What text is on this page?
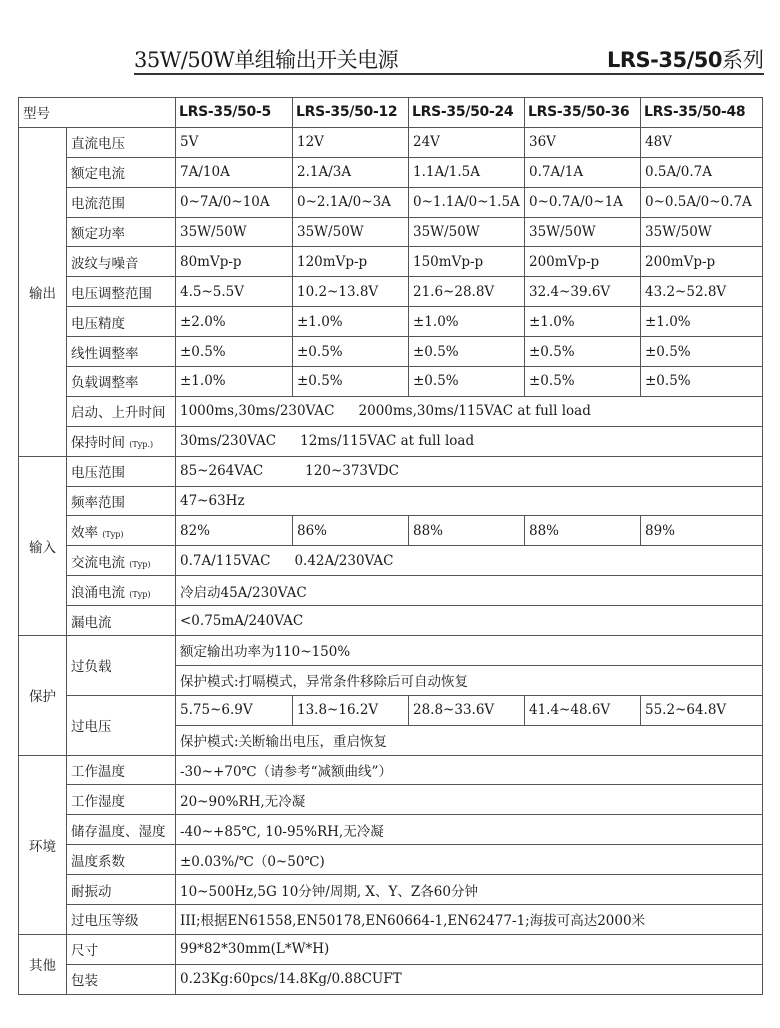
35W/50W单组输出开关电源	LRS-35/50系列
型号		LRS-35/50-5	LRS-35/50-12	LRS-35/50-24	LRS-35/50-36	LRS-35/50-48
输出	直流电压	5V	12V	24V	36V	48V
	额定电流	7A/10A	2.1A/3A	1.1A/1.5A	0.7A/1A	0.5A/0.7A
	电流范围	0~7A/0~10A	0~2.1A/0~3A	0~1.1A/0~1.5A	0~0.7A/0~1A	0~0.5A/0~0.7A
	额定功率	35W/50W	35W/50W	35W/50W	35W/50W	35W/50W
	波纹与噪音	80mVp-p	120mVp-p	150mVp-p	200mVp-p	200mVp-p
	电压调整范围	4.5~5.5V	10.2~13.8V	21.6~28.8V	32.4~39.6V	43.2~52.8V
	电压精度	±2.0%	±1.0%	±1.0%	±1.0%	±1.0%
	线性调整率	±0.5%	±0.5%	±0.5%	±0.5%	±0.5%
	负载调整率	±1.0%	±0.5%	±0.5%	±0.5%	±0.5%
	启动、上升时间	1000ms,30ms/230VAC 2000ms,30ms/115VAC at full load				
	保持时间 (Typ.)	30ms/230VAC 12ms/115VAC at full load				
输入	电压范围	85~264VAC 120~373VDC				
	频率范围	47~63Hz				
	效率 (Typ)	82%	86%	88%	88%	89%
	交流电流 (Typ)	0.7A/115VAC 0.42A/230VAC				
	浪涌电流 (Typ)	冷启动45A/230VAC				
	漏电流	<0.75mA/240VAC				
保护	过负载	额定输出功率为110~150%				
		保护模式:打嗝模式，异常条件移除后可自动恢复				
	过电压	5.75~6.9V	13.8~16.2V	28.8~33.6V	41.4~48.6V	55.2~64.8V
		保护模式:关断输出电压，重启恢复				
环境	工作温度	-30~+70℃（请参考“减额曲线”）				
	工作湿度	20~90%RH,无冷凝				
	储存温度、湿度	-40~+85℃, 10-95%RH,无冷凝				
	温度系数	±0.03%/℃（0~50℃)				
	耐振动	10~500Hz,5G 10分钟/周期, X、Y、Z各60分钟				
	过电压等级	III;根据EN61558,EN50178,EN60664-1,EN62477-1;海拔可高达2000米				
其他	尺寸	99*82*30mm(L*W*H)				
	包装	0.23Kg:60pcs/14.8Kg/0.88CUFT				
